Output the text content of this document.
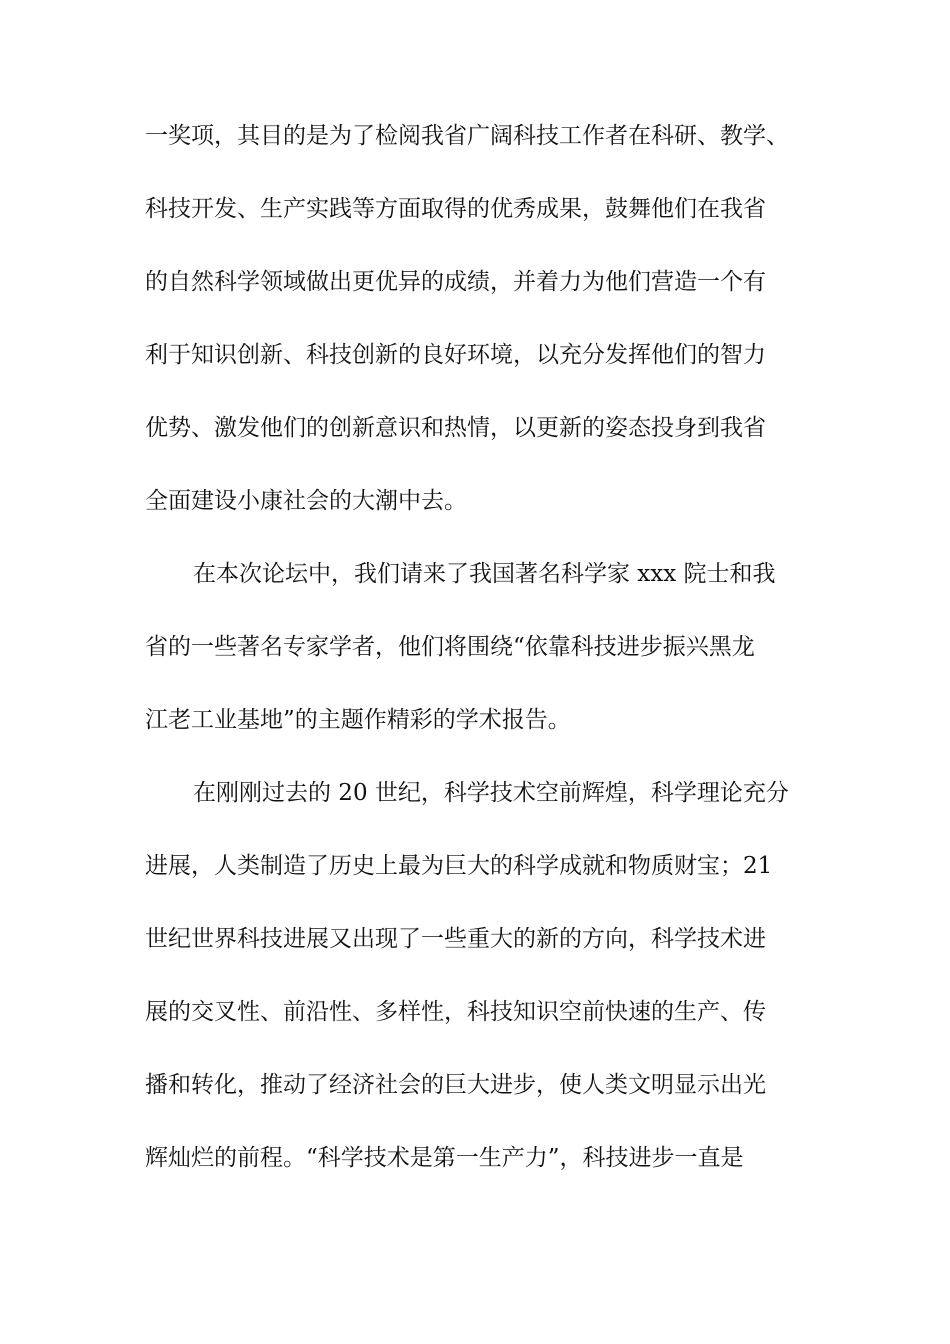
一奖项，其目的是为了检阅我省广阔科技工作者在科研、教学、
科技开发、生产实践等方面取得的优秀成果，鼓舞他们在我省
的自然科学领域做出更优异的成绩，并着力为他们营造一个有
利于知识创新、科技创新的良好环境，以充分发挥他们的智力
优势、激发他们的创新意识和热情，以更新的姿态投身到我省
全面建设小康社会的大潮中去。
在本次论坛中，我们请来了我国著名科学家 xxx 院士和我
省的一些著名专家学者，他们将围绕“依靠科技进步振兴黑龙
江老工业基地”的主题作精彩的学术报告。
在刚刚过去的 20 世纪，科学技术空前辉煌，科学理论充分
进展，人类制造了历史上最为巨大的科学成就和物质财宝；21
世纪世界科技进展又出现了一些重大的新的方向，科学技术进
展的交叉性、前沿性、多样性，科技知识空前快速的生产、传
播和转化，推动了经济社会的巨大进步，使人类文明显示出光
辉灿烂的前程。“科学技术是第一生产力”，科技进步一直是
